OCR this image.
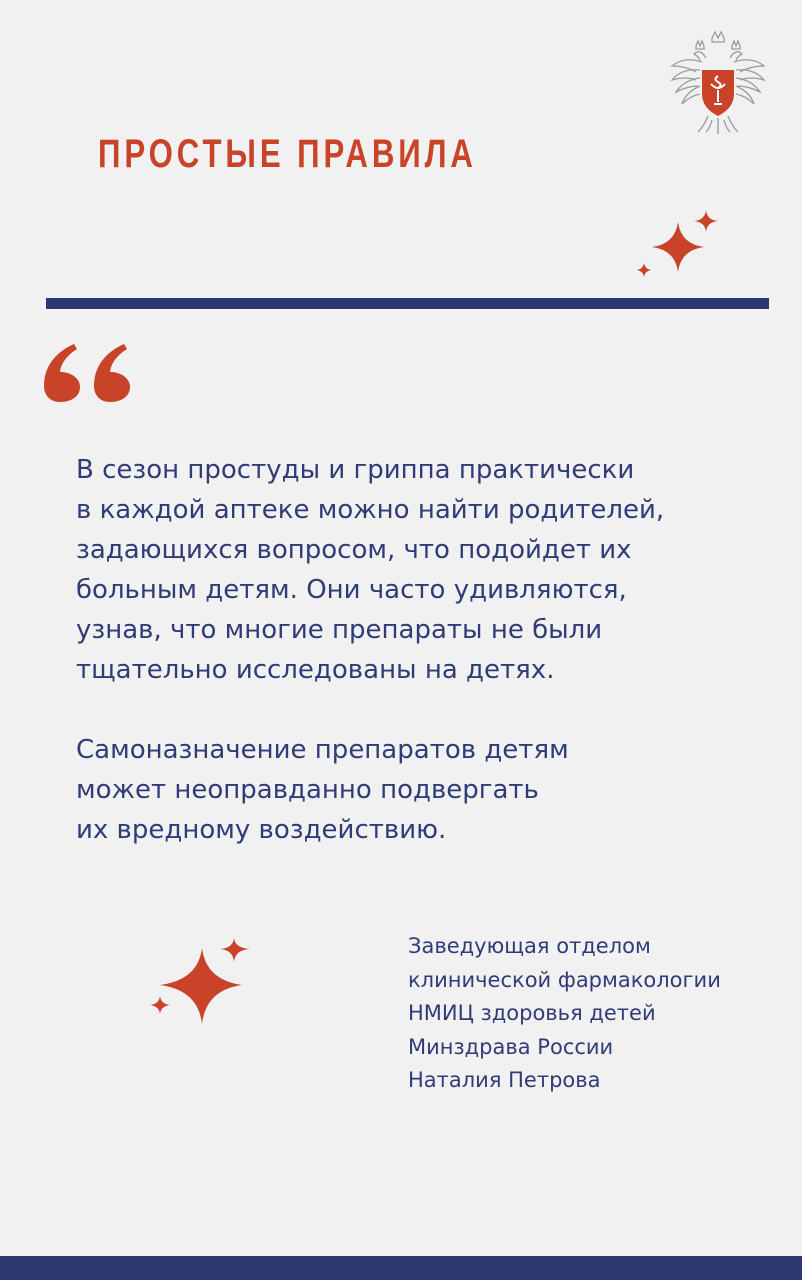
ПРОСТЫЕ ПРАВИЛА

В сезон простуды и гриппа практически
в каждой аптеке можно найти родителей,
задающихся вопросом, что подойдет их
больным детям. Они часто удивляются,
узнав, что многие препараты не были
тщательно исследованы на детях.

Самоназначение препаратов детям
может неоправданно подвергать
их вредному воздействию.

Заведующая отделом
клинической фармакологии
НМИЦ здоровья детей
Минздрава России
Наталия Петрова
